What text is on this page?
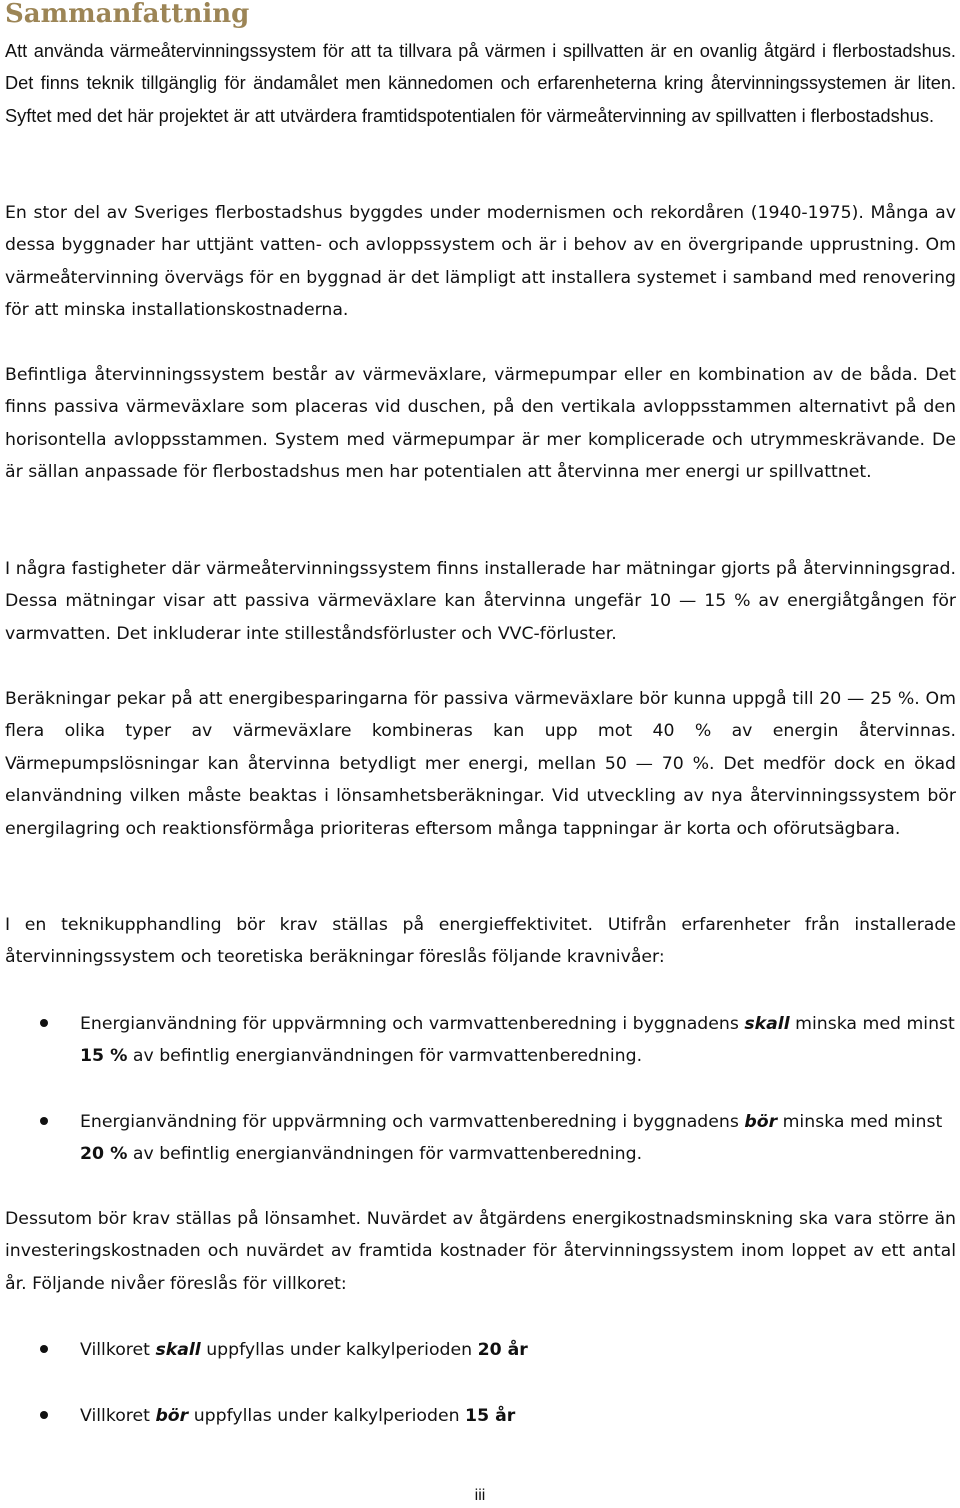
Sammanfattning

Att använda värmeåtervinningssystem för att ta tillvara på värmen i spillvatten är en ovanlig åtgärd i flerbostadshus. Det finns teknik tillgänglig för ändamålet men kännedomen och erfarenheterna kring återvinningssystemen är liten. Syftet med det här projektet är att utvärdera framtidspotentialen för värmeåtervinning av spillvatten i flerbostadshus.

En stor del av Sveriges flerbostadshus byggdes under modernismen och rekordåren (1940-1975). Många av dessa byggnader har uttjänt vatten- och avloppssystem och är i behov av en övergripande upprustning. Om värmeåtervinning övervägs för en byggnad är det lämpligt att installera systemet i samband med renovering för att minska installationskostnaderna.

Befintliga återvinningssystem består av värmeväxlare, värmepumpar eller en kombination av de båda. Det finns passiva värmeväxlare som placeras vid duschen, på den vertikala avloppsstammen alternativt på den horisontella avloppsstammen. System med värmepumpar är mer komplicerade och utrymmeskrävande. De är sällan anpassade för flerbostadshus men har potentialen att återvinna mer energi ur spillvattnet.

I några fastigheter där värmeåtervinningssystem finns installerade har mätningar gjorts på återvinningsgrad. Dessa mätningar visar att passiva värmeväxlare kan återvinna ungefär 10 — 15 % av energiåtgången för varmvatten. Det inkluderar inte stilleståndsförluster och VVC-förluster.

Beräkningar pekar på att energibesparingarna för passiva värmeväxlare bör kunna uppgå till 20 — 25 %. Om flera olika typer av värmeväxlare kombineras kan upp mot 40 % av energin återvinnas. Värmepumpslösningar kan återvinna betydligt mer energi, mellan 50 — 70 %. Det medför dock en ökad elanvändning vilken måste beaktas i lönsamhetsberäkningar. Vid utveckling av nya återvinningssystem bör energilagring och reaktionsförmåga prioriteras eftersom många tappningar är korta och oförutsägbara.

I en teknikupphandling bör krav ställas på energieffektivitet. Utifrån erfarenheter från installerade återvinningssystem och teoretiska beräkningar föreslås följande kravnivåer:

Energianvändning för uppvärmning och varmvattenberedning i byggnadens skall minska med minst 15 % av befintlig energianvändningen för varmvattenberedning.

Energianvändning för uppvärmning och varmvattenberedning i byggnadens bör minska med minst 20 % av befintlig energianvändningen för varmvattenberedning.

Dessutom bör krav ställas på lönsamhet. Nuvärdet av åtgärdens energikostnadsminskning ska vara större än investeringskostnaden och nuvärdet av framtida kostnader för återvinningssystem inom loppet av ett antal år. Följande nivåer föreslås för villkoret:

Villkoret skall uppfyllas under kalkylperioden 20 år

Villkoret bör uppfyllas under kalkylperioden 15 år

iii
